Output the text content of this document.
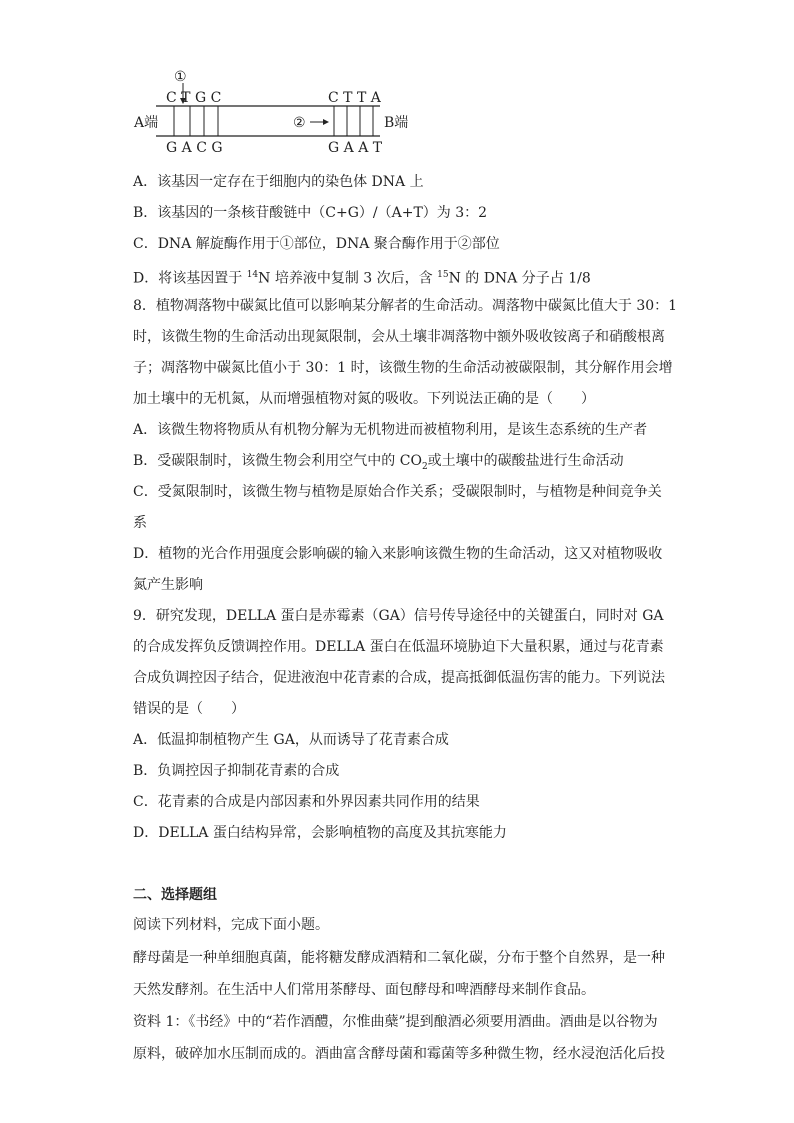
①
②
C T G C	C T T A
G A C G	G A A T
A端	B端
A．该基因一定存在于细胞内的染色体 DNA 上
B．该基因的一条核苷酸链中（C+G）/（A+T）为 3：2
C．DNA 解旋酶作用于①部位，DNA 聚合酶作用于②部位
D．将该基因置于 $^{14}$N 培养液中复制 3 次后，含 $^{15}$N 的 DNA 分子占 1/8
8．植物凋落物中碳氮比值可以影响某分解者的生命活动。凋落物中碳氮比值大于 30：1
时，该微生物的生命活动出现氮限制，会从土壤非凋落物中额外吸收铵离子和硝酸根离
子；凋落物中碳氮比值小于 30：1 时，该微生物的生命活动被碳限制，其分解作用会增
加土壤中的无机氮，从而增强植物对氮的吸收。下列说法正确的是（　　）
A．该微生物将物质从有机物分解为无机物进而被植物利用，是该生态系统的生产者
B．受碳限制时，该微生物会利用空气中的 $CO_2$或土壤中的碳酸盐进行生命活动
C．受氮限制时，该微生物与植物是原始合作关系；受碳限制时，与植物是种间竞争关
系
D．植物的光合作用强度会影响碳的输入来影响该微生物的生命活动，这又对植物吸收
氮产生影响
9．研究发现，DELLA 蛋白是赤霉素（GA）信号传导途径中的关键蛋白，同时对 GA
的合成发挥负反馈调控作用。DELLA 蛋白在低温环境胁迫下大量积累，通过与花青素
合成负调控因子结合，促进液泡中花青素的合成，提高抵御低温伤害的能力。下列说法
错误的是（　　）
A．低温抑制植物产生 GA，从而诱导了花青素合成
B．负调控因子抑制花青素的合成
C．花青素的合成是内部因素和外界因素共同作用的结果
D．DELLA 蛋白结构异常，会影响植物的高度及其抗寒能力
二、选择题组
阅读下列材料，完成下面小题。
酵母菌是一种单细胞真菌，能将糖发酵成酒精和二氧化碳，分布于整个自然界，是一种
天然发酵剂。在生活中人们常用茶酵母、面包酵母和啤酒酵母来制作食品。
资料 1：《书经》中的“若作酒醴，尔惟曲蘖”提到酿酒必须要用酒曲。酒曲是以谷物为
原料，破碎加水压制而成的。酒曲富含酵母菌和霉菌等多种微生物，经水浸泡活化后投
